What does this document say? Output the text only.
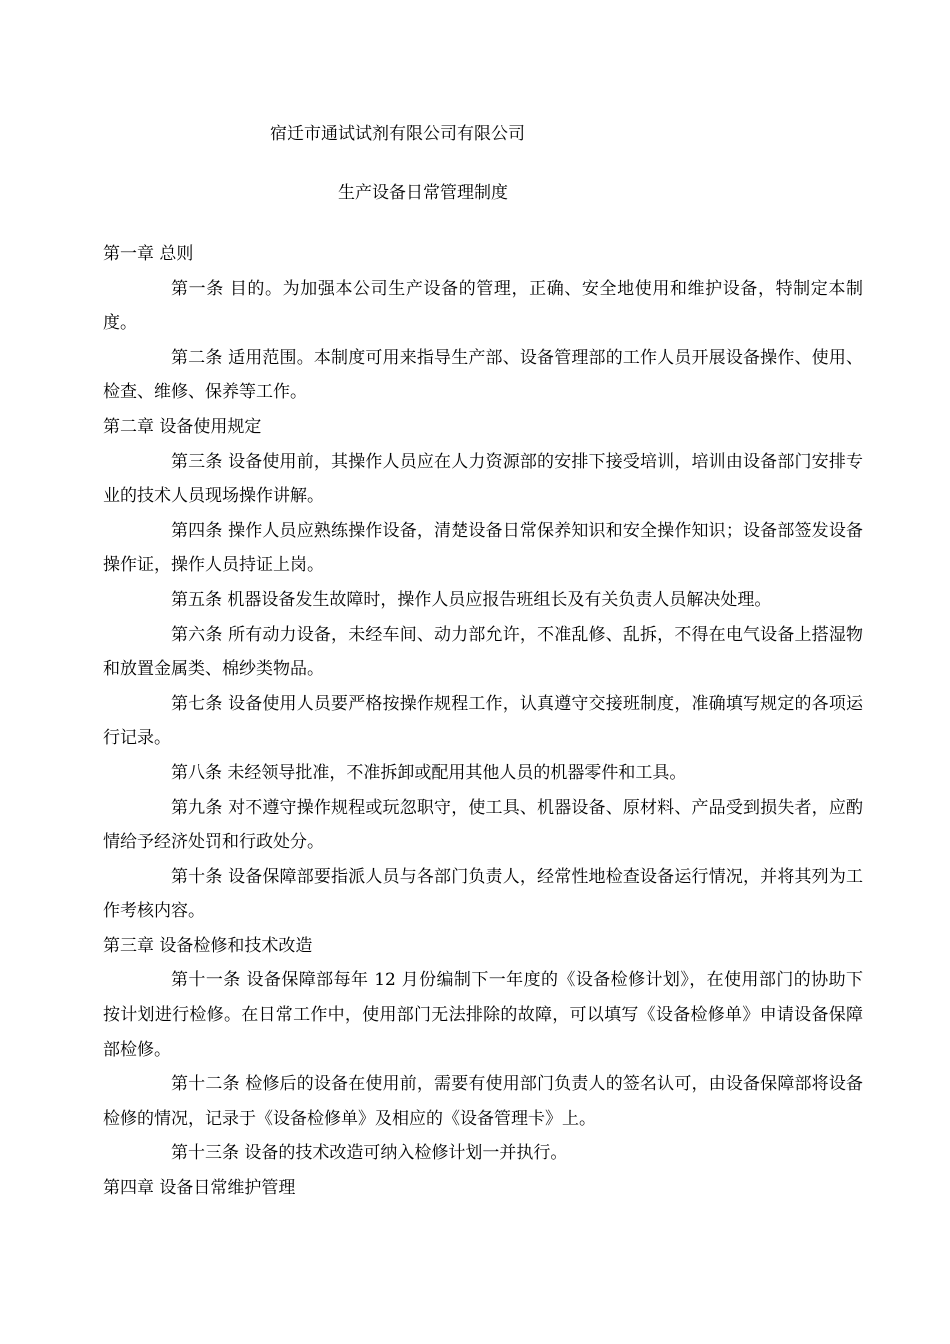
宿迁市通试试剂有限公司有限公司
生产设备日常管理制度

第一章 总则

第一条 目的。为加强本公司生产设备的管理，正确、安全地使用和维护设备，特制定本制度。

第二条 适用范围。本制度可用来指导生产部、设备管理部的工作人员开展设备操作、使用、检查、维修、保养等工作。

第二章 设备使用规定

第三条 设备使用前，其操作人员应在人力资源部的安排下接受培训，培训由设备部门安排专业的技术人员现场操作讲解。

第四条 操作人员应熟练操作设备，清楚设备日常保养知识和安全操作知识；设备部签发设备操作证，操作人员持证上岗。

第五条 机器设备发生故障时，操作人员应报告班组长及有关负责人员解决处理。

第六条 所有动力设备，未经车间、动力部允许，不准乱修、乱拆，不得在电气设备上搭湿物和放置金属类、棉纱类物品。

第七条 设备使用人员要严格按操作规程工作，认真遵守交接班制度，准确填写规定的各项运行记录。

第八条 未经领导批准，不准拆卸或配用其他人员的机器零件和工具。

第九条 对不遵守操作规程或玩忽职守，使工具、机器设备、原材料、产品受到损失者，应酌情给予经济处罚和行政处分。

第十条 设备保障部要指派人员与各部门负责人，经常性地检查设备运行情况，并将其列为工作考核内容。

第三章 设备检修和技术改造

第十一条 设备保障部每年 12 月份编制下一年度的《设备检修计划》，在使用部门的协助下按计划进行检修。在日常工作中，使用部门无法排除的故障，可以填写《设备检修单》申请设备保障部检修。

第十二条 检修后的设备在使用前，需要有使用部门负责人的签名认可，由设备保障部将设备检修的情况，记录于《设备检修单》及相应的《设备管理卡》上。

第十三条 设备的技术改造可纳入检修计划一并执行。

第四章 设备日常维护管理
